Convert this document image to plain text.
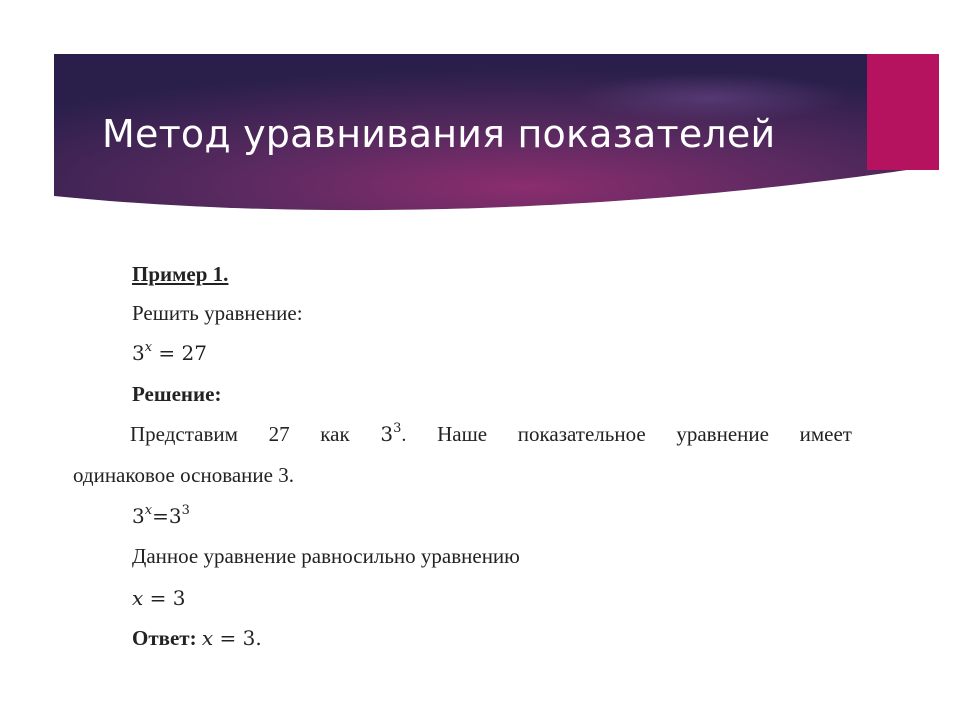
Метод уравнивания показателей
Пример 1.
Решить уравнение:
$3^x = 27$
Решение:
Представим 27 как $3^3$. Наше показательное уравнение имеет
одинаковое основание 3.
$3^x=3^3$
Данное уравнение равносильно уравнению
x = 3
Ответ: x = 3.
